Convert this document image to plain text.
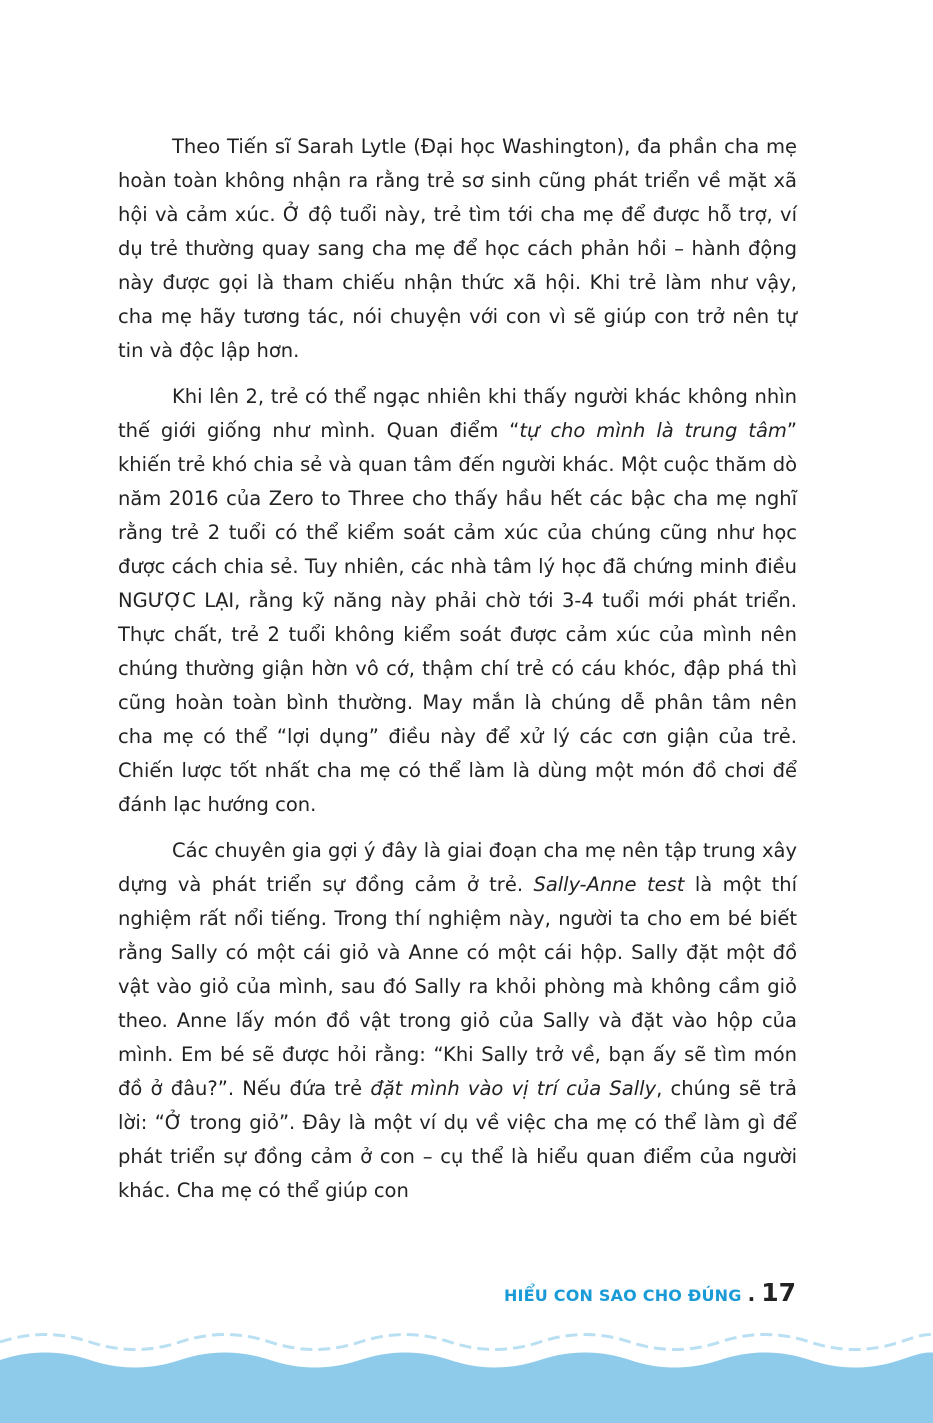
Theo Tiến sĩ Sarah Lytle (Đại học Washington), đa phần cha mẹ hoàn toàn không nhận ra rằng trẻ sơ sinh cũng phát triển về mặt xã hội và cảm xúc. Ở độ tuổi này, trẻ tìm tới cha mẹ để được hỗ trợ, ví dụ trẻ thường quay sang cha mẹ để học cách phản hồi – hành động này được gọi là tham chiếu nhận thức xã hội. Khi trẻ làm như vậy, cha mẹ hãy tương tác, nói chuyện với con vì sẽ giúp con trở nên tự tin và độc lập hơn.

Khi lên 2, trẻ có thể ngạc nhiên khi thấy người khác không nhìn thế giới giống như mình. Quan điểm “tự cho mình là trung tâm” khiến trẻ khó chia sẻ và quan tâm đến người khác. Một cuộc thăm dò năm 2016 của Zero to Three cho thấy hầu hết các bậc cha mẹ nghĩ rằng trẻ 2 tuổi có thể kiểm soát cảm xúc của chúng cũng như học được cách chia sẻ. Tuy nhiên, các nhà tâm lý học đã chứng minh điều NGƯỢC LẠI, rằng kỹ năng này phải chờ tới 3-4 tuổi mới phát triển. Thực chất, trẻ 2 tuổi không kiểm soát được cảm xúc của mình nên chúng thường giận hờn vô cớ, thậm chí trẻ có cáu khóc, đập phá thì cũng hoàn toàn bình thường. May mắn là chúng dễ phân tâm nên cha mẹ có thể “lợi dụng” điều này để xử lý các cơn giận của trẻ. Chiến lược tốt nhất cha mẹ có thể làm là dùng một món đồ chơi để đánh lạc hướng con.

Các chuyên gia gợi ý đây là giai đoạn cha mẹ nên tập trung xây dựng và phát triển sự đồng cảm ở trẻ. Sally-Anne test là một thí nghiệm rất nổi tiếng. Trong thí nghiệm này, người ta cho em bé biết rằng Sally có một cái giỏ và Anne có một cái hộp. Sally đặt một đồ vật vào giỏ của mình, sau đó Sally ra khỏi phòng mà không cầm giỏ theo. Anne lấy món đồ vật trong giỏ của Sally và đặt vào hộp của mình. Em bé sẽ được hỏi rằng: “Khi Sally trở về, bạn ấy sẽ tìm món đồ ở đâu?”. Nếu đứa trẻ đặt mình vào vị trí của Sally, chúng sẽ trả lời: “Ở trong giỏ”. Đây là một ví dụ về việc cha mẹ có thể làm gì để phát triển sự đồng cảm ở con – cụ thể là hiểu quan điểm của người khác. Cha mẹ có thể giúp con

HIỂU CON SAO CHO ĐÚNG . 17
